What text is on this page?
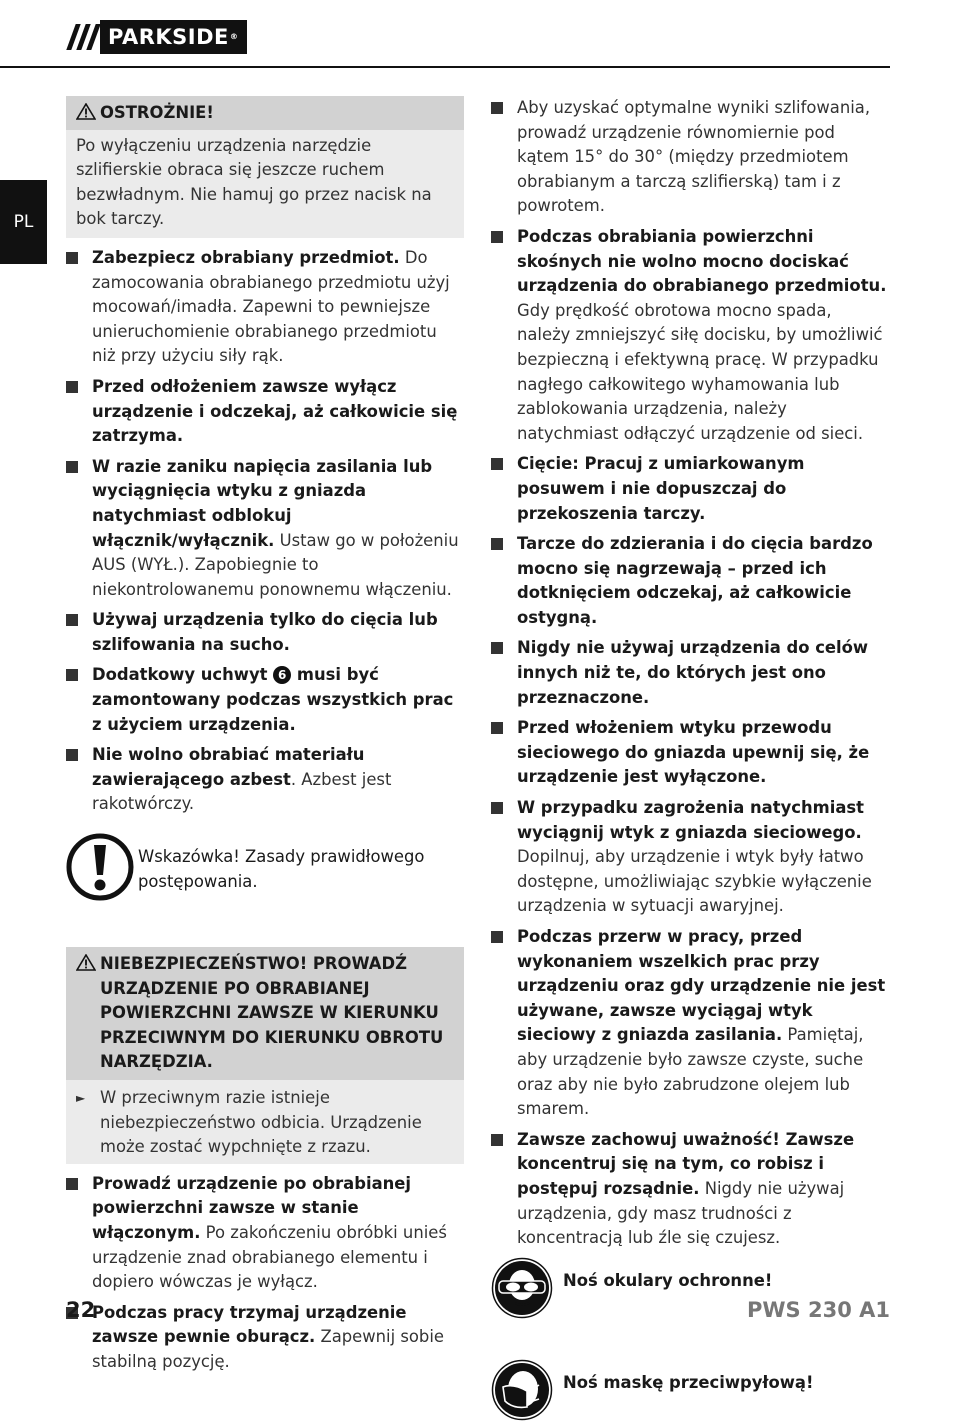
PARKSIDE®
PL
OSTROŻNIE!
Po wyłączeniu urządzenia narzędzie szlifierskie obraca się jeszcze ruchem bezwładnym. Nie hamuj go przez nacisk na bok tarczy.
Zabezpiecz obrabiany przedmiot. Do zamocowania obrabianego przedmiotu użyj mocowań/imadła. Zapewni to pewniejsze unieruchomienie obrabianego przedmiotu niż przy użyciu siły rąk.
Przed odłożeniem zawsze wyłącz urządzenie i odczekaj, aż całkowicie się zatrzyma.
W razie zaniku napięcia zasilania lub wyciągnięcia wtyku z gniazda natychmiast odblokuj włącznik/wyłącznik. Ustaw go w położeniu AUS (WYŁ.). Zapobiegnie to niekontrolowanemu ponownemu włączeniu.
Używaj urządzenia tylko do cięcia lub szlifowania na sucho.
Dodatkowy uchwyt 6 musi być zamontowany podczas wszystkich prac z użyciem urządzenia.
Nie wolno obrabiać materiału zawierającego azbest. Azbest jest rakotwórczy.
Wskazówka! Zasady prawidłowego postępowania.
NIEBEZPIECZEŃSTWO! PROWADŹ URZĄDZENIE PO OBRABIANEJ POWIERZCHNI ZAWSZE W KIERUNKU PRZECIWNYM DO KIERUNKU OBROTU NARZĘDZIA.
► W przeciwnym razie istnieje niebezpieczeństwo odbicia. Urządzenie może zostać wypchnięte z rzazu.
Prowadź urządzenie po obrabianej powierzchni zawsze w stanie włączonym. Po zakończeniu obróbki unieś urządzenie znad obrabianego elementu i dopiero wówczas je wyłącz.
Podczas pracy trzymaj urządzenie zawsze pewnie oburącz. Zapewnij sobie stabilną pozycję.
Aby uzyskać optymalne wyniki szlifowania, prowadź urządzenie równomiernie pod kątem 15° do 30° (między przedmiotem obrabianym a tarczą szlifierską) tam i z powrotem.
Podczas obrabiania powierzchni skośnych nie wolno mocno dociskać urządzenia do obrabianego przedmiotu. Gdy prędkość obrotowa mocno spada, należy zmniejszyć siłę docisku, by umożliwić bezpieczną i efektywną pracę. W przypadku nagłego całkowitego wyhamowania lub zablokowania urządzenia, należy natychmiast odłączyć urządzenie od sieci.
Cięcie: Pracuj z umiarkowanym posuwem i nie dopuszczaj do przekoszenia tarczy.
Tarcze do zdzierania i do cięcia bardzo mocno się nagrzewają – przed ich dotknięciem odczekaj, aż całkowicie ostygną.
Nigdy nie używaj urządzenia do celów innych niż te, do których jest ono przeznaczone.
Przed włożeniem wtyku przewodu sieciowego do gniazda upewnij się, że urządzenie jest wyłączone.
W przypadku zagrożenia natychmiast wyciągnij wtyk z gniazda sieciowego. Dopilnuj, aby urządzenie i wtyk były łatwo dostępne, umożliwiając szybkie wyłączenie urządzenia w sytuacji awaryjnej.
Podczas przerw w pracy, przed wykonaniem wszelkich prac przy urządzeniu oraz gdy urządzenie nie jest używane, zawsze wyciągaj wtyk sieciowy z gniazda zasilania. Pamiętaj, aby urządzenie było zawsze czyste, suche oraz aby nie było zabrudzone olejem lub smarem.
Zawsze zachowuj uważność! Zawsze koncentruj się na tym, co robisz i postępuj rozsądnie. Nigdy nie używaj urządzenia, gdy masz trudności z koncentracją lub źle się czujesz.
Noś okulary ochronne!
Noś maskę przeciwpyłową!
22	PWS 230 A1
